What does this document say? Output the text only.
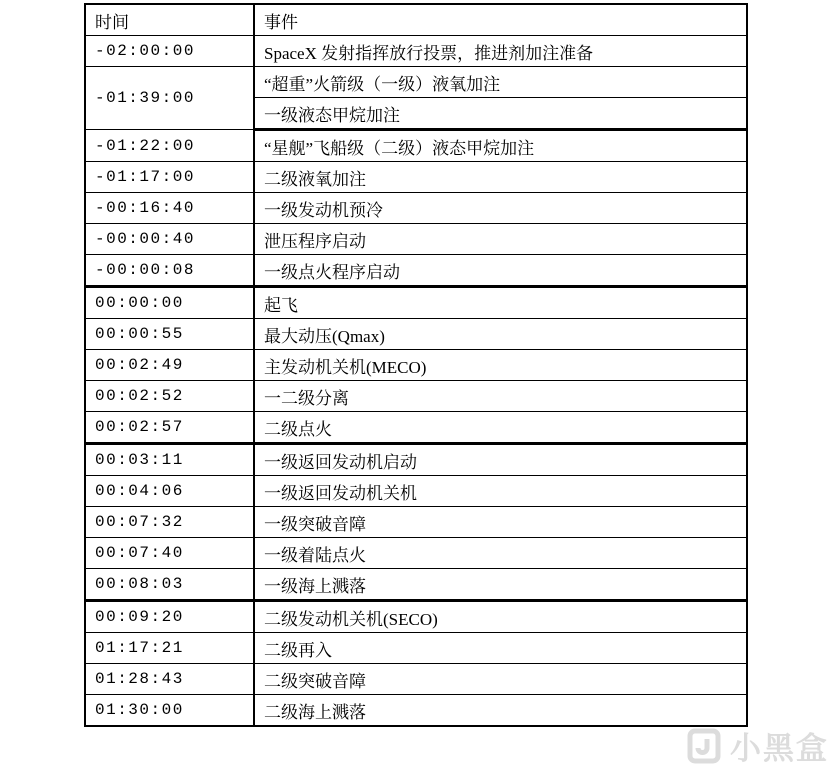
时间	事件
-02:00:00	SpaceX 发射指挥放行投票，推进剂加注准备
-01:39:00	“超重”火箭级（一级）液氧加注
	一级液态甲烷加注
-01:22:00	“星舰”飞船级（二级）液态甲烷加注
-01:17:00	二级液氧加注
-00:16:40	一级发动机预冷
-00:00:40	泄压程序启动
-00:00:08	一级点火程序启动
00:00:00	起飞
00:00:55	最大动压(Qmax)
00:02:49	主发动机关机(MECO)
00:02:52	一二级分离
00:02:57	二级点火
00:03:11	一级返回发动机启动
00:04:06	一级返回发动机关机
00:07:32	一级突破音障
00:07:40	一级着陆点火
00:08:03	一级海上溅落
00:09:20	二级发动机关机(SECO)
01:17:21	二级再入
01:28:43	二级突破音障
01:30:00	二级海上溅落
小黑盒
